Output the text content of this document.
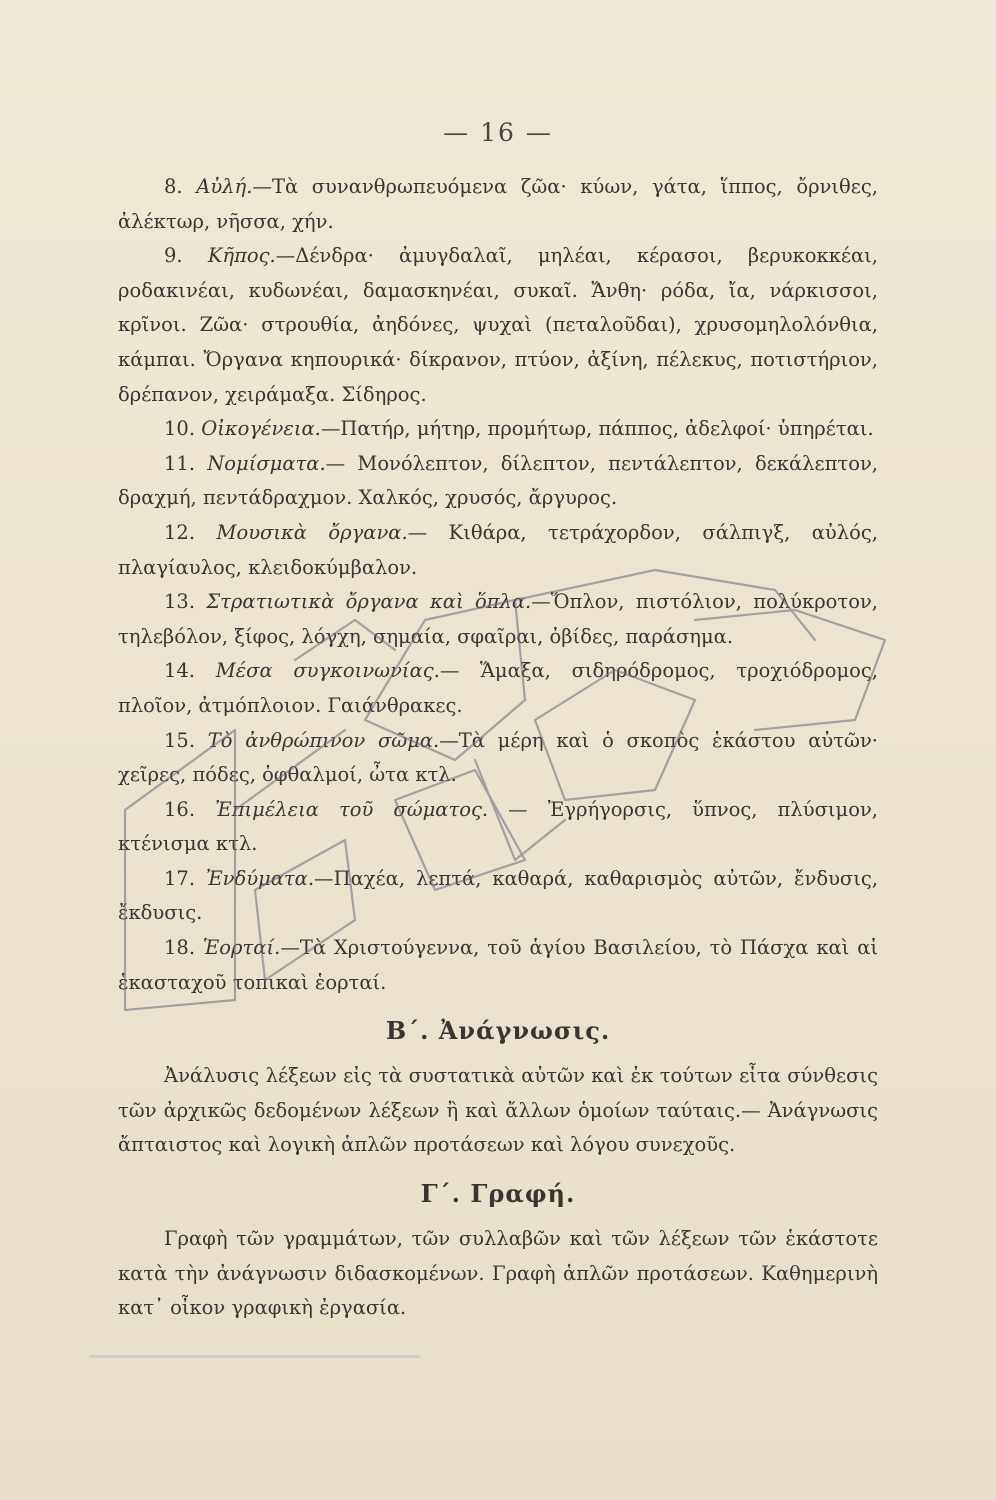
— 16 —

8. Αὐλή.—Τὰ συνανθρωπευόμενα ζῶα· κύων, γάτα, ἵππος, ὄρνιθες, ἀλέκτωρ, νῆσσα, χήν.

9. Κῆπος.—Δένδρα· ἀμυγδαλαῖ, μηλέαι, κέρασοι, βερυκοκκέαι, ροδακινέαι, κυδωνέαι, δαμασκηνέαι, συκαῖ. Ἄνθη· ρόδα, ἴα, νάρκισσοι, κρῖνοι. Ζῶα· στρουθία, ἀηδόνες, ψυχαὶ (πεταλοῦδαι), χρυσομηλολόνθια, κάμπαι. Ὄργανα κηπουρικά· δίκρανον, πτύον, ἀξίνη, πέλεκυς, ποτιστήριον, δρέπανον, χειράμαξα. Σίδηρος.

10. Οἰκογένεια.—Πατήρ, μήτηρ, προμήτωρ, πάππος, ἀδελφοί· ὑπηρέται.

11. Νομίσματα.— Μονόλεπτον, δίλεπτον, πεντάλεπτον, δεκάλεπτον, δραχμή, πεντάδραχμον. Χαλκός, χρυσός, ἄργυρος.

12. Μουσικὰ ὄργανα.— Κιθάρα, τετράχορδον, σάλπιγξ, αὐλός, πλαγίαυλος, κλειδοκύμβαλον.

13. Στρατιωτικὰ ὄργανα καὶ ὅπλα.—Ὅπλον, πιστόλιον, πολύκροτον, τηλεβόλον, ξίφος, λόγχη, σημαία, σφαῖραι, ὀβίδες, παράσημα.

14. Μέσα συγκοινωνίας.— Ἅμαξα, σιδηρόδρομος, τροχιόδρομος, πλοῖον, ἀτμόπλοιον. Γαιάνθρακες.

15. Τὸ ἀνθρώπινον σῶμα.—Τὰ μέρη καὶ ὁ σκοπὸς ἑκάστου αὐτῶν· χεῖρες, πόδες, ὀφθαλμοί, ὦτα κτλ.

16. Ἐπιμέλεια τοῦ σώματος. — Ἐγρήγορσις, ὕπνος, πλύσιμον, κτένισμα κτλ.

17. Ἐνδύματα.—Παχέα, λεπτά, καθαρά, καθαρισμὸς αὐτῶν, ἔνδυσις, ἔκδυσις.

18. Ἑορταί.—Τὰ Χριστούγεννα, τοῦ ἁγίου Βασιλείου, τὸ Πάσχα καὶ αἱ ἑκασταχοῦ τοπικαὶ ἑορταί.

Β΄. Ἀνάγνωσις.

Ἀνάλυσις λέξεων εἰς τὰ συστατικὰ αὐτῶν καὶ ἐκ τούτων εἶτα σύνθεσις τῶν ἀρχικῶς δεδομένων λέξεων ἢ καὶ ἄλλων ὁμοίων ταύταις.— Ἀνάγνωσις ἄπταιστος καὶ λογικὴ ἁπλῶν προτάσεων καὶ λόγου συνεχοῦς.

Γ΄. Γραφή.

Γραφὴ τῶν γραμμάτων, τῶν συλλαβῶν καὶ τῶν λέξεων τῶν ἑκάστοτε κατὰ τὴν ἀνάγνωσιν διδασκομένων. Γραφὴ ἁπλῶν προτάσεων. Καθημερινὴ κατ᾽ οἶκον γραφικὴ ἐργασία.
